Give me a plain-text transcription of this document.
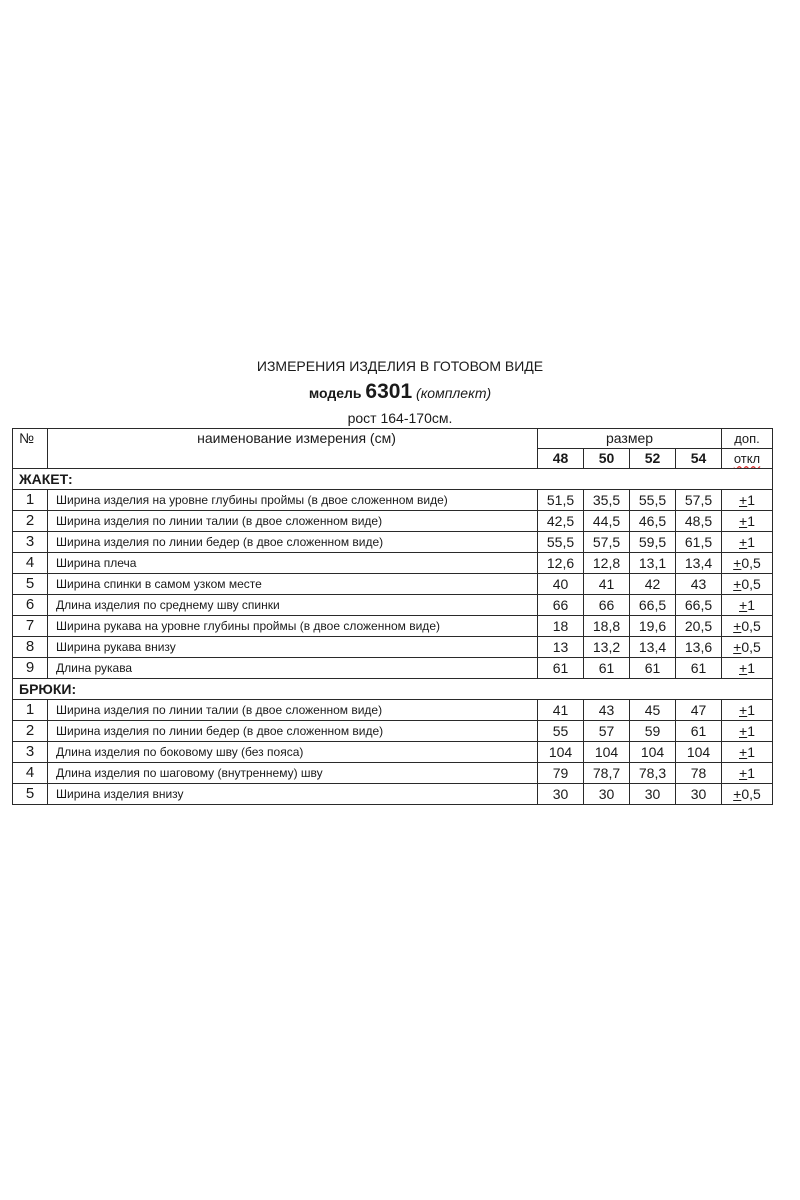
ИЗМЕРЕНИЯ ИЗДЕЛИЯ В ГОТОВОМ ВИДЕ
модель 6301 (комплект)
рост 164-170см.
№	наименование измерения (см)	размер				доп.
		48	50	52	54	откл
ЖАКЕТ:						
1	Ширина изделия на уровне глубины проймы (в двое сложенном виде)	51,5	35,5	55,5	57,5	+1
2	Ширина изделия по линии талии (в двое сложенном виде)	42,5	44,5	46,5	48,5	+1
3	Ширина изделия по линии бедер (в двое сложенном виде)	55,5	57,5	59,5	61,5	+1
4	Ширина плеча	12,6	12,8	13,1	13,4	+0,5
5	Ширина спинки в самом узком месте	40	41	42	43	+0,5
6	Длина изделия по среднему шву спинки	66	66	66,5	66,5	+1
7	Ширина рукава на уровне глубины проймы (в двое сложенном виде)	18	18,8	19,6	20,5	+0,5
8	Ширина рукава внизу	13	13,2	13,4	13,6	+0,5
9	Длина рукава	61	61	61	61	+1
БРЮКИ:						
1	Ширина изделия по линии талии (в двое сложенном виде)	41	43	45	47	+1
2	Ширина изделия по линии бедер (в двое сложенном виде)	55	57	59	61	+1
3	Длина изделия по боковому шву (без пояса)	104	104	104	104	+1
4	Длина изделия по шаговому (внутреннему) шву	79	78,7	78,3	78	+1
5	Ширина изделия внизу	30	30	30	30	+0,5
